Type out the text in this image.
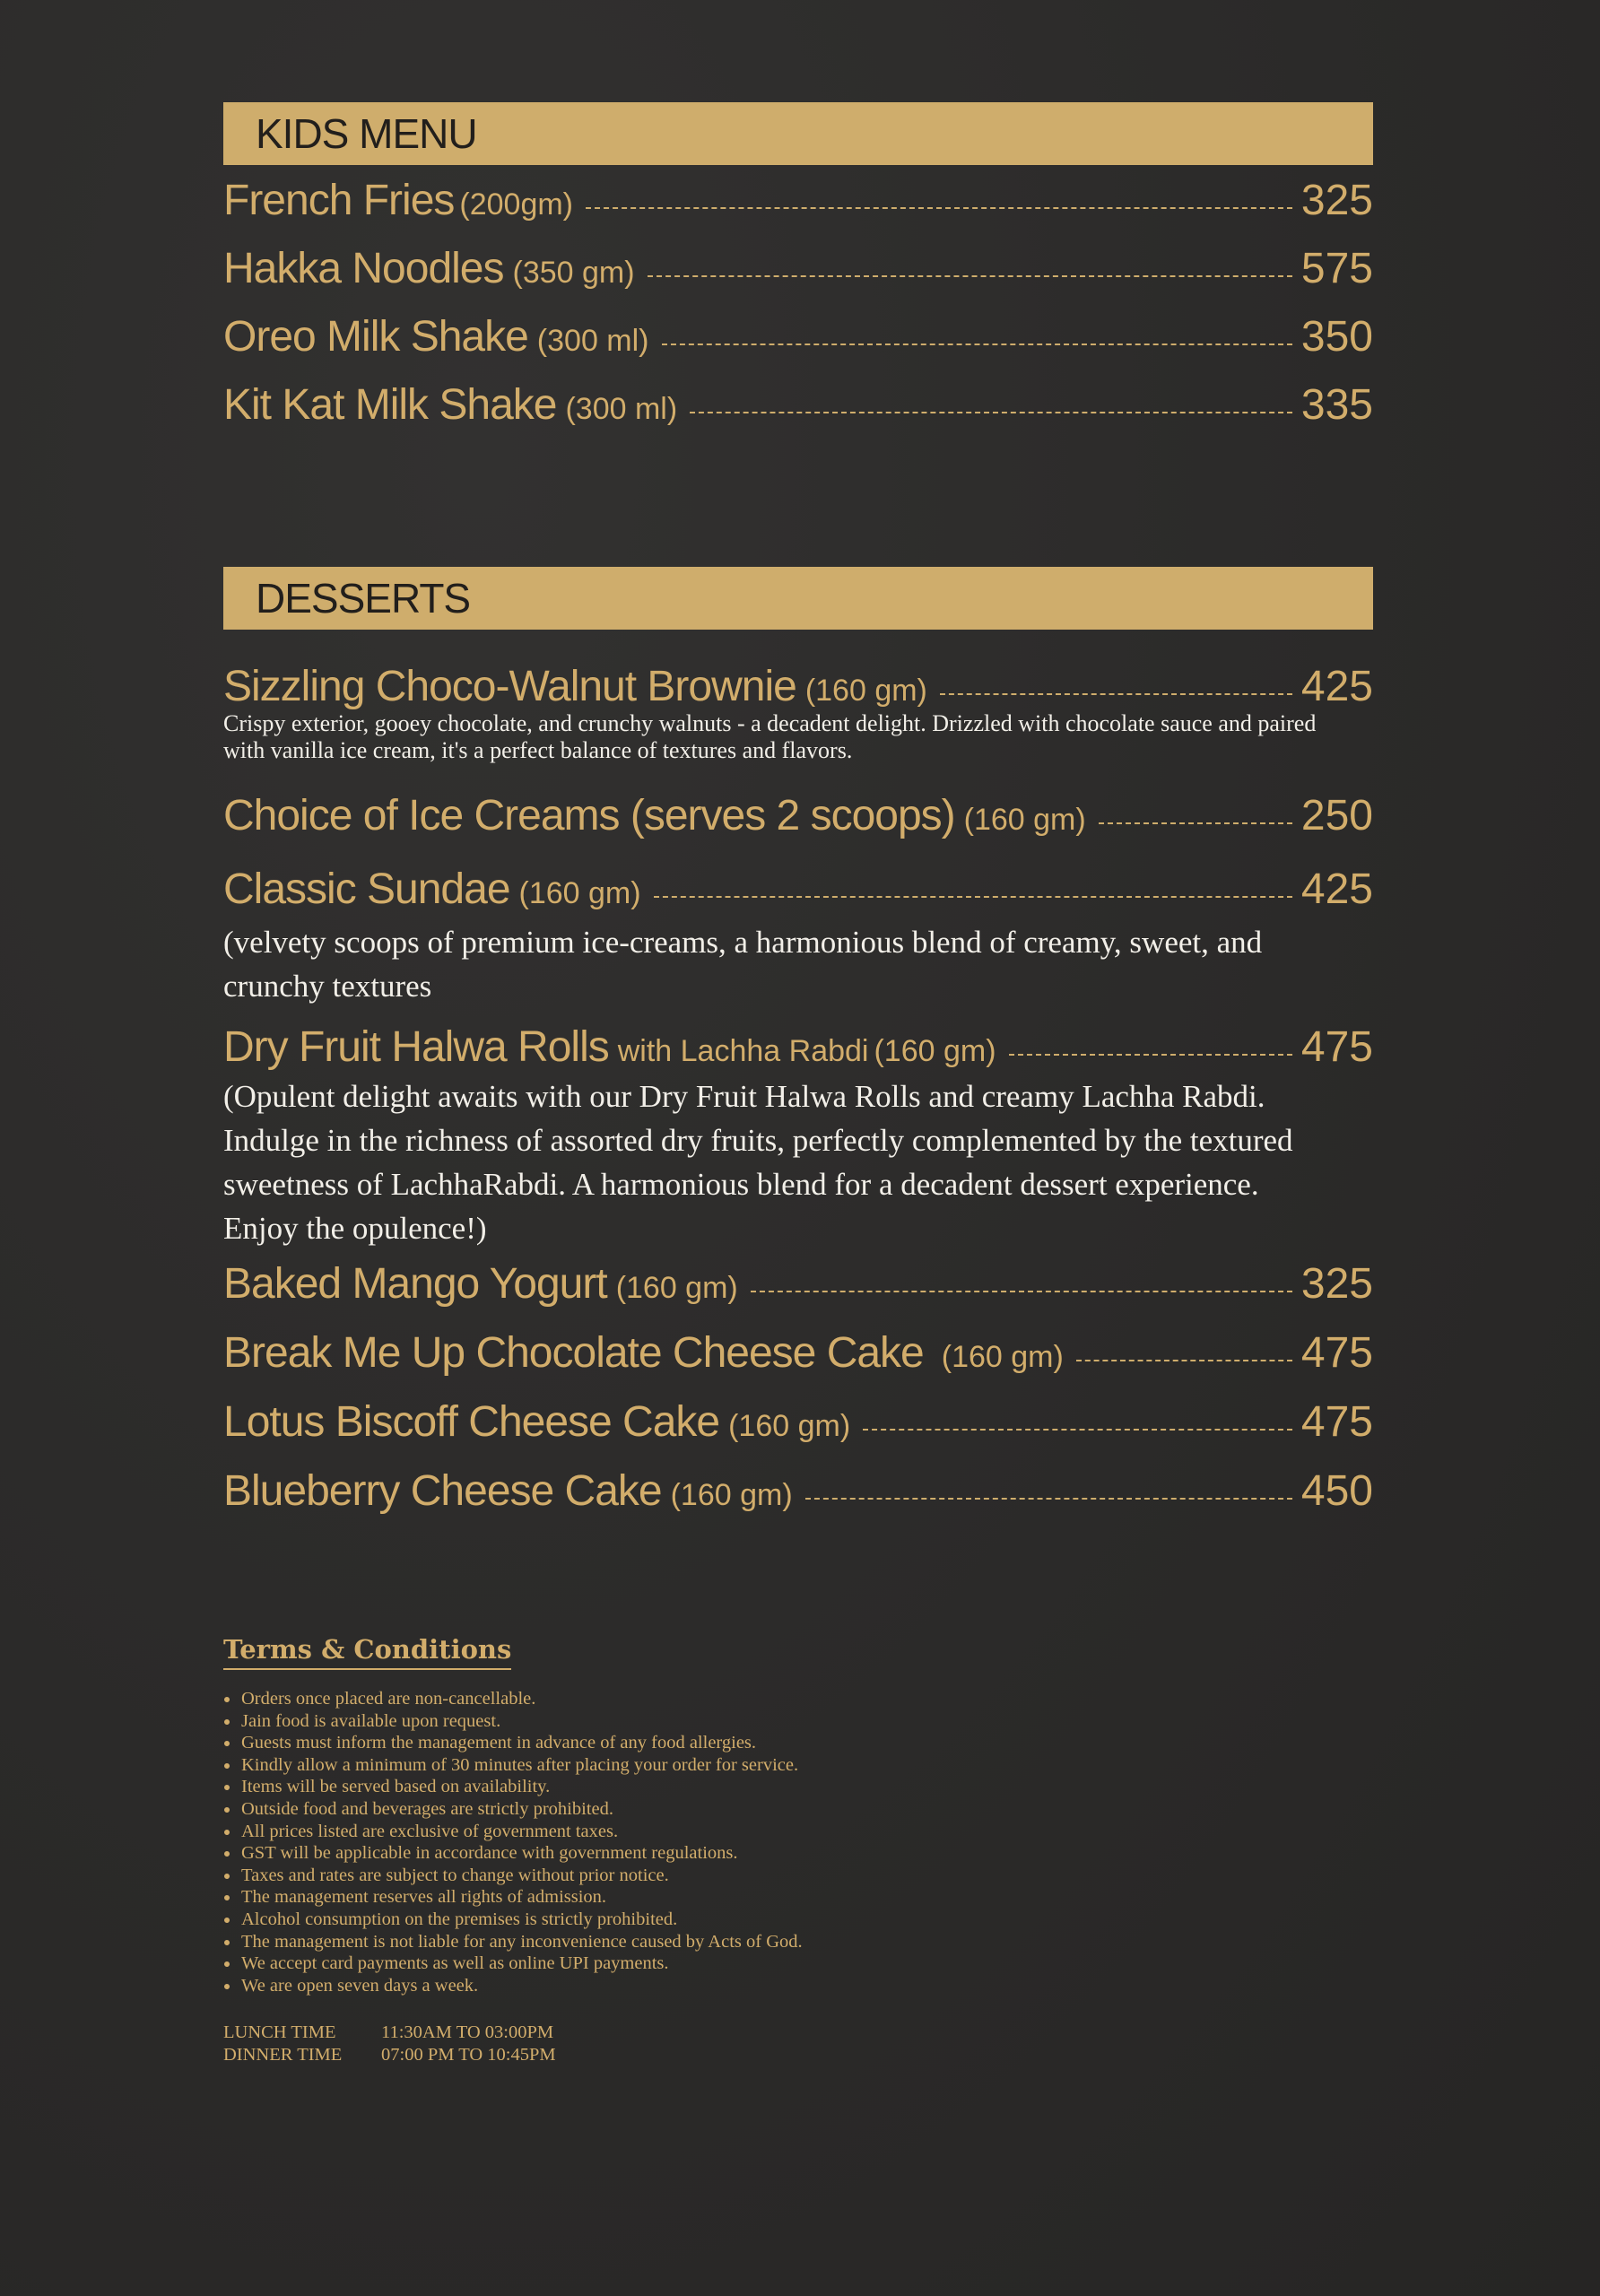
KIDS MENU
French Fries (200gm)	325
Hakka Noodles (350 gm)	575
Oreo Milk Shake (300 ml)	350
Kit Kat Milk Shake (300 ml)	335
DESSERTS
Sizzling Choco-Walnut Brownie (160 gm)	425
Crispy exterior, gooey chocolate, and crunchy walnuts - a decadent delight. Drizzled with chocolate sauce and paired with vanilla ice cream, it's a perfect balance of textures and flavors.
Choice of Ice Creams (serves 2 scoops) (160 gm)	250
Classic Sundae (160 gm)	425
(velvety scoops of premium ice-creams, a harmonious blend of creamy, sweet, and crunchy textures
Dry Fruit Halwa Rolls with Lachha Rabdi (160 gm)	475
(Opulent delight awaits with our Dry Fruit Halwa Rolls and creamy Lachha Rabdi. Indulge in the richness of assorted dry fruits, perfectly complemented by the textured sweetness of LachhaRabdi. A harmonious blend for a decadent dessert experience. Enjoy the opulence!)
Baked Mango Yogurt (160 gm)	325
Break Me Up Chocolate Cheese Cake (160 gm)	475
Lotus Biscoff Cheese Cake (160 gm)	475
Blueberry Cheese Cake (160 gm)	450
Terms & Conditions
Orders once placed are non-cancellable.
Jain food is available upon request.
Guests must inform the management in advance of any food allergies.
Kindly allow a minimum of 30 minutes after placing your order for service.
Items will be served based on availability.
Outside food and beverages are strictly prohibited.
All prices listed are exclusive of government taxes.
GST will be applicable in accordance with government regulations.
Taxes and rates are subject to change without prior notice.
The management reserves all rights of admission.
Alcohol consumption on the premises is strictly prohibited.
The management is not liable for any inconvenience caused by Acts of God.
We accept card payments as well as online UPI payments.
We are open seven days a week.
LUNCH TIME	11:30AM TO 03:00PM
DINNER TIME	07:00 PM TO 10:45PM
